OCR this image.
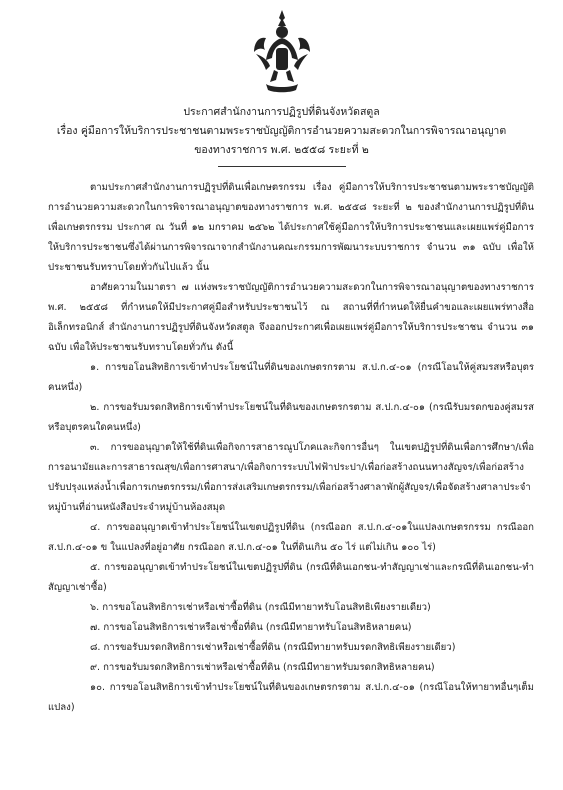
ประกาศสำนักงานการปฏิรูปที่ดินจังหวัดสตูล
เรื่อง คู่มือการให้บริการประชาชนตามพระราชบัญญัติการอำนวยความสะดวกในการพิจารณาอนุญาต
ของทางราชการ พ.ศ. ๒๕๕๘ ระยะที่ ๒

ตามประกาศสำนักงานการปฏิรูปที่ดินเพื่อเกษตรกรรม เรื่อง คู่มือการให้บริการประชาชนตามพระราชบัญญัติการอำนวยความสะดวกในการพิจารณาอนุญาตของทางราชการ พ.ศ. ๒๕๕๘ ระยะที่ ๒ ของสำนักงานการปฏิรูปที่ดินเพื่อเกษตรกรรม ประกาศ ณ วันที่ ๑๒ มกราคม ๒๕๖๒ ได้ประกาศใช้คู่มือการให้บริการประชาชนและเผยแพร่คู่มือการให้บริการประชาชนซึ่งได้ผ่านการพิจารณาจากสำนักงานคณะกรรมการพัฒนาระบบราชการ จำนวน ๓๑ ฉบับ เพื่อให้ประชาชนรับทราบโดยทั่วกันไปแล้ว นั้น

อาศัยความในมาตรา ๗ แห่งพระราชบัญญัติการอำนวยความสะดวกในการพิจารณาอนุญาตของทางราชการ พ.ศ. ๒๕๕๘ ที่กำหนดให้มีประกาศคู่มือสำหรับประชาชนไว้ ณ สถานที่ที่กำหนดให้ยื่นคำขอและเผยแพร่ทางสื่ออิเล็กทรอนิกส์ สำนักงานการปฏิรูปที่ดินจังหวัดสตูล จึงออกประกาศเพื่อเผยแพร่คู่มือการให้บริการประชาชน จำนวน ๓๑ ฉบับ เพื่อให้ประชาชนรับทราบโดยทั่วกัน ดังนี้

๑. การขอโอนสิทธิการเข้าทำประโยชน์ในที่ดินของเกษตรกรตาม ส.ป.ก.๔-๐๑ (กรณีโอนให้คู่สมรสหรือบุตรคนหนึ่ง)

๒. การขอรับมรดกสิทธิการเข้าทำประโยชน์ในที่ดินของเกษตรกรตาม ส.ป.ก.๔-๐๑ (กรณีรับมรดกของคู่สมรสหรือบุตรคนใดคนหนึ่ง)

๓. การขออนุญาตให้ใช้ที่ดินเพื่อกิจการสาธารณูปโภคและกิจการอื่นๆ ในเขตปฏิรูปที่ดินเพื่อการศึกษา/เพื่อการอนามัยและการสาธารณสุข/เพื่อการศาสนา/เพื่อกิจการระบบไฟฟ้าประปา/เพื่อก่อสร้างถนนทางสัญจร/เพื่อก่อสร้างปรับปรุงแหล่งน้ำเพื่อการเกษตรกรรม/เพื่อการส่งเสริมเกษตรกรรม/เพื่อก่อสร้างศาลาพักผู้สัญจร/เพื่อจัดสร้างศาลาประจำหมู่บ้านที่อ่านหนังสือประจำหมู่บ้านห้องสมุด

๔. การขออนุญาตเข้าทำประโยชน์ในเขตปฏิรูปที่ดิน (กรณีออก ส.ป.ก.๔-๐๑ในแปลงเกษตรกรรม กรณีออก ส.ป.ก.๔-๐๑ ข ในแปลงที่อยู่อาศัย กรณีออก ส.ป.ก.๔-๐๑ ในที่ดินเกิน ๕๐ ไร่ แต่ไม่เกิน ๑๐๐ ไร่)

๕. การขออนุญาตเข้าทำประโยชน์ในเขตปฏิรูปที่ดิน (กรณีที่ดินเอกชน-ทำสัญญาเช่าและกรณีที่ดินเอกชน-ทำสัญญาเช่าซื้อ)

๖. การขอโอนสิทธิการเช่าหรือเช่าซื้อที่ดิน (กรณีมีทายาทรับโอนสิทธิเพียงรายเดียว)

๗. การขอโอนสิทธิการเช่าหรือเช่าซื้อที่ดิน (กรณีมีทายาทรับโอนสิทธิหลายคน)

๘. การขอรับมรดกสิทธิการเช่าหรือเช่าซื้อที่ดิน (กรณีมีทายาทรับมรดกสิทธิเพียงรายเดียว)

๙. การขอรับมรดกสิทธิการเช่าหรือเช่าซื้อที่ดิน (กรณีมีทายาทรับมรดกสิทธิหลายคน)

๑๐. การขอโอนสิทธิการเข้าทำประโยชน์ในที่ดินของเกษตรกรตาม ส.ป.ก.๔-๐๑ (กรณีโอนให้ทายาทอื่นๆเต็มแปลง)
